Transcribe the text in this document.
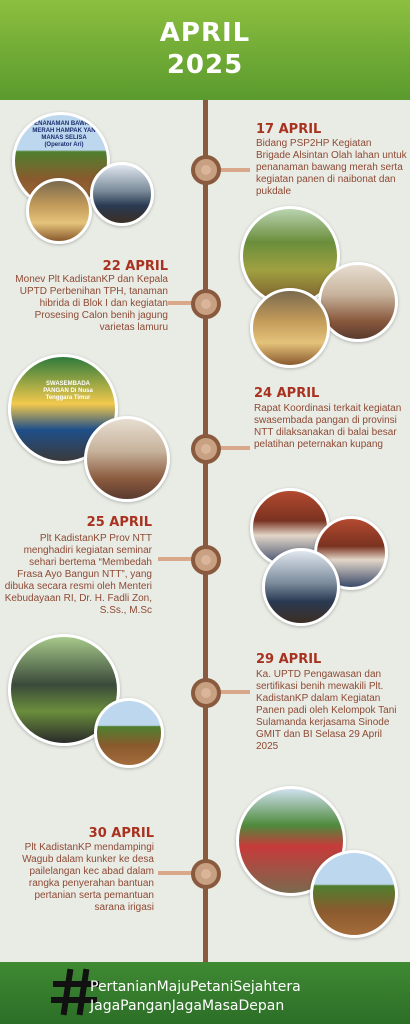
APRIL
2025
17 APRIL
Bidang PSP2HP Kegiatan Brigade Alsintan Olah lahan untuk penanaman bawang merah serta kegiatan panen di naibonat dan pukdale
22 APRIL
Monev Plt KadistanKP dan Kepala UPTD Perbenihan TPH, tanaman hibrida di Blok I dan kegiatan Prosesing Calon benih jagung varietas lamuru
24 APRIL
Rapat Koordinasi terkait kegiatan swasembada pangan di provinsi NTT dilaksanakan di balai besar pelatihan peternakan kupang
25 APRIL
Plt KadistanKP Prov NTT menghadiri kegiatan seminar sehari bertema “Membedah Frasa Ayo Bangun NTT”, yang dibuka secara resmi oleh Menteri Kebudayaan RI, Dr. H. Fadli Zon, S.Ss., M.Sc
29 APRIL
Ka. UPTD Pengawasan dan sertifikasi benih mewakili Plt. KadistanKP dalam Kegiatan Panen padi oleh Kelompok Tani Sulamanda kerjasama Sinode GMIT dan BI Selasa 29 April 2025
30 APRIL
Plt KadistanKP mendampingi Wagub dalam kunker ke desa pailelangan kec abad dalam rangka penyerahan bantuan pertanian serta pemantuan sarana irigasi
PENANAMAN BAWANG MERAH HAMPAK YAN MANAS SELISA (Operator Ari)
SWASEMBADA PANGAN Di Nusa Tenggara Timur
PertanianMajuPetaniSejahtera
JagaPanganJagaMasaDepan
